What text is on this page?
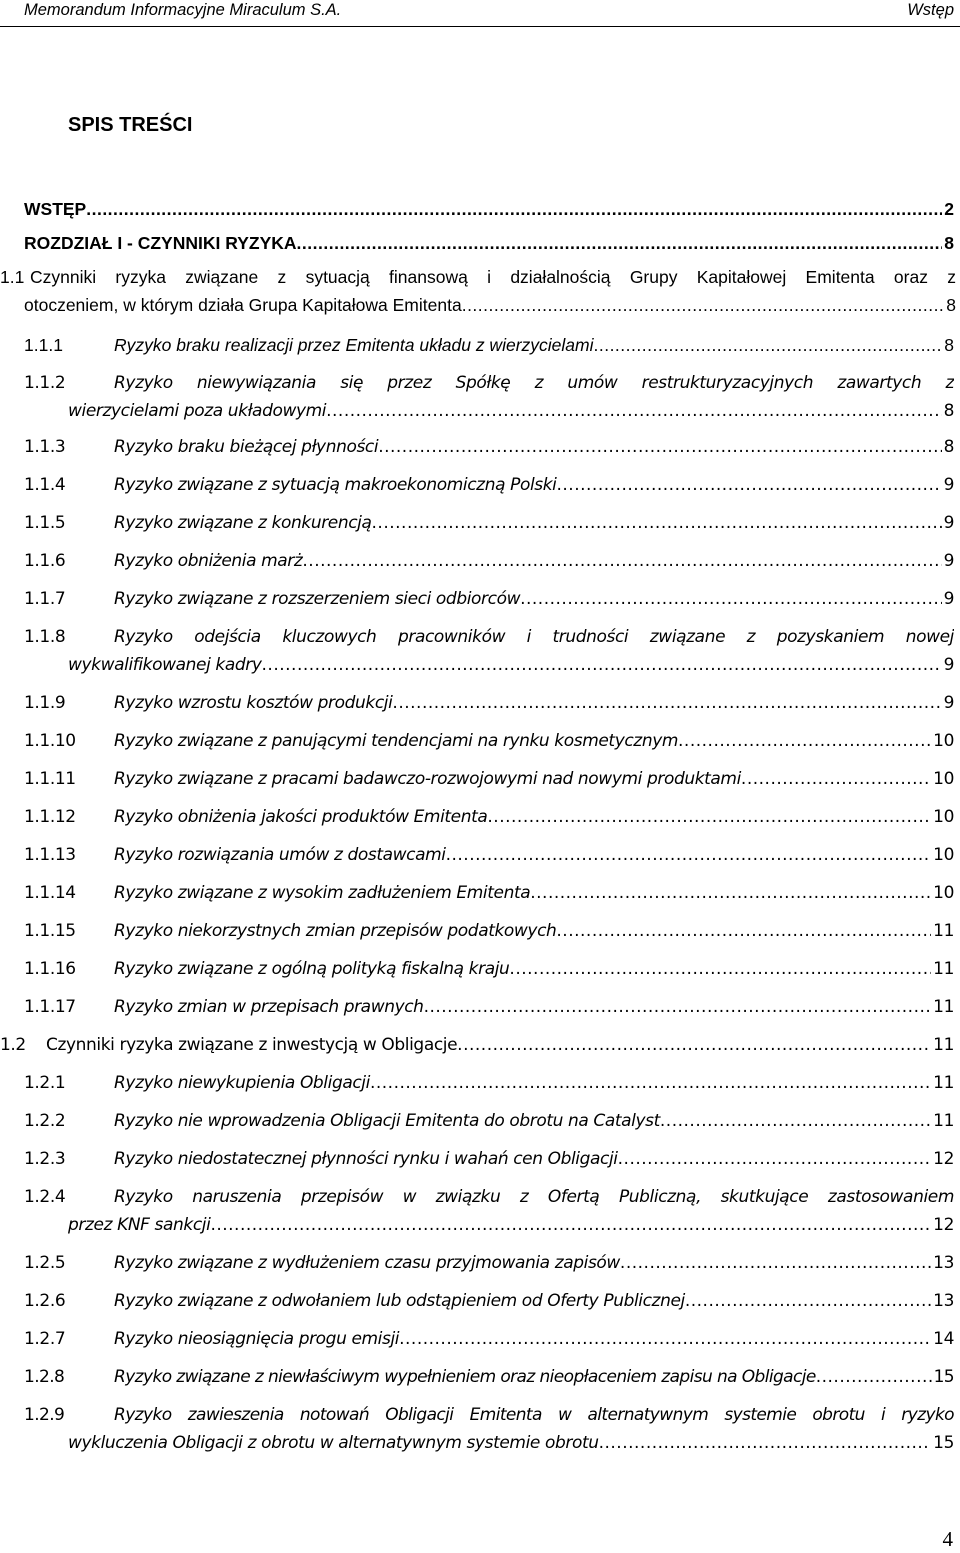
Memorandum Informacyjne Miraculum S.A.	Wstęp
SPIS TREŚCI
WSTĘP .....	2
ROZDZIAŁ I - CZYNNIKI RYZYKA .....	8
1.1 Czynniki ryzyka związane z sytuacją finansową i działalnością Grupy Kapitałowej Emitenta oraz z
otoczeniem, w którym działa Grupa Kapitałowa Emitenta .....	8
1.1.1	Ryzyko braku realizacji przez Emitenta układu z wierzycielami .....	8
1.1.2	Ryzyko niewywiązania się przez Spółkę z umów restrukturyzacyjnych zawartych z
wierzycielami poza układowymi .....	8
1.1.3	Ryzyko braku bieżącej płynności .....	8
1.1.4	Ryzyko związane z sytuacją makroekonomiczną Polski .....	9
1.1.5	Ryzyko związane z konkurencją .....	9
1.1.6	Ryzyko obniżenia marż .....	9
1.1.7	Ryzyko związane z rozszerzeniem sieci odbiorców .....	9
1.1.8	Ryzyko odejścia kluczowych pracowników i trudności związane z pozyskaniem nowej
wykwalifikowanej kadry .....	9
1.1.9	Ryzyko wzrostu kosztów produkcji .....	9
1.1.10	Ryzyko związane z panującymi tendencjami na rynku kosmetycznym .....	10
1.1.11	Ryzyko związane z pracami badawczo-rozwojowymi nad nowymi produktami .....	10
1.1.12	Ryzyko obniżenia jakości produktów Emitenta .....	10
1.1.13	Ryzyko rozwiązania umów z dostawcami .....	10
1.1.14	Ryzyko związane z wysokim zadłużeniem Emitenta .....	10
1.1.15	Ryzyko niekorzystnych zmian przepisów podatkowych .....	11
1.1.16	Ryzyko związane z ogólną polityką fiskalną kraju .....	11
1.1.17	Ryzyko zmian w przepisach prawnych .....	11
1.2	Czynniki ryzyka związane z inwestycją w Obligacje .....	11
1.2.1	Ryzyko niewykupienia Obligacji .....	11
1.2.2	Ryzyko nie wprowadzenia Obligacji Emitenta do obrotu na Catalyst .....	11
1.2.3	Ryzyko niedostatecznej płynności rynku i wahań cen Obligacji .....	12
1.2.4	Ryzyko naruszenia przepisów w związku z Ofertą Publiczną, skutkujące zastosowaniem
przez KNF sankcji .....	12
1.2.5	Ryzyko związane z wydłużeniem czasu przyjmowania zapisów .....	13
1.2.6	Ryzyko związane z odwołaniem lub odstąpieniem od Oferty Publicznej .....	13
1.2.7	Ryzyko nieosiągnięcia progu emisji .....	14
1.2.8	Ryzyko związane z niewłaściwym wypełnieniem oraz nieopłaceniem zapisu na Obligacje .....	15
1.2.9	Ryzyko zawieszenia notowań Obligacji Emitenta w alternatywnym systemie obrotu i ryzyko
wykluczenia Obligacji z obrotu w alternatywnym systemie obrotu .....	15
4
